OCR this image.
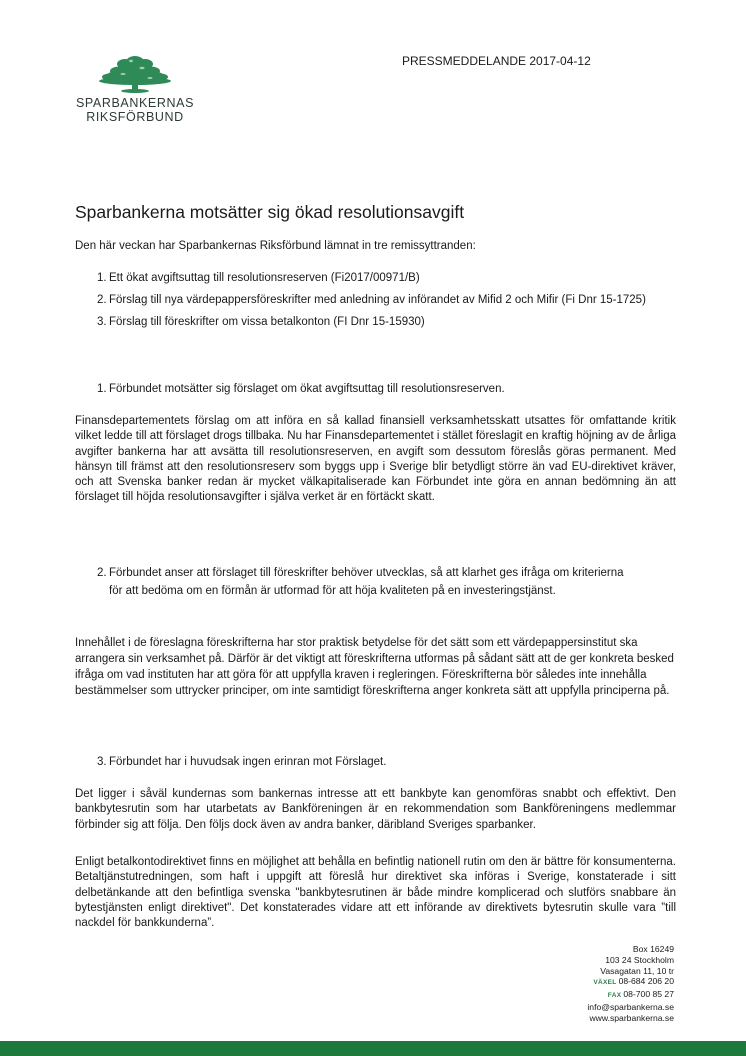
SPARBANKERNAS
RIKSFÖRBUND
PRESSMEDDELANDE 2017-04-12
Sparbankerna motsätter sig ökad resolutionsavgift
Den här veckan har Sparbankernas Riksförbund lämnat in tre remissyttranden:
1. Ett ökat avgiftsuttag till resolutionsreserven (Fi2017/00971/B)
2. Förslag till nya värdepappersföreskrifter med anledning av införandet av Mifid 2 och Mifir (Fi Dnr 15-1725)
3. Förslag till föreskrifter om vissa betalkonton (FI Dnr 15-15930)
1. Förbundet motsätter sig förslaget om ökat avgiftsuttag till resolutionsreserven.
Finansdepartementets förslag om att införa en så kallad finansiell verksamhetsskatt utsattes för omfattande kritik vilket ledde till att förslaget drogs tillbaka. Nu har Finansdepartementet i stället föreslagit en kraftig höjning av de årliga avgifter bankerna har att avsätta till resolutionsreserven, en avgift som dessutom föreslås göras permanent. Med hänsyn till främst att den resolutionsreserv som byggs upp i Sverige blir betydligt större än vad EU-direktivet kräver, och att Svenska banker redan är mycket välkapitaliserade kan Förbundet inte göra en annan bedömning än att förslaget till höjda resolutionsavgifter i själva verket är en förtäckt skatt.
2. Förbundet anser att förslaget till föreskrifter behöver utvecklas, så att klarhet ges ifråga om kriterierna för att bedöma om en förmån är utformad för att höja kvaliteten på en investeringstjänst.
Innehållet i de föreslagna föreskrifterna har stor praktisk betydelse för det sätt som ett värdepappersinstitut ska arrangera sin verksamhet på. Därför är det viktigt att föreskrifterna utformas på sådant sätt att de ger konkreta besked ifråga om vad instituten har att göra för att uppfylla kraven i regleringen. Föreskrifterna bör således inte innehålla bestämmelser som uttrycker principer, om inte samtidigt föreskrifterna anger konkreta sätt att uppfylla principerna på.
3. Förbundet har i huvudsak ingen erinran mot Förslaget.
Det ligger i såväl kundernas som bankernas intresse att ett bankbyte kan genomföras snabbt och effektivt. Den bankbytesrutin som har utarbetats av Bankföreningen är en rekommendation som Bankföreningens medlemmar förbinder sig att följa. Den följs dock även av andra banker, däribland Sveriges sparbanker.
Enligt betalkontodirektivet finns en möjlighet att behålla en befintlig nationell rutin om den är bättre för konsumenterna. Betaltjänstutredningen, som haft i uppgift att föreslå hur direktivet ska införas i Sverige, konstaterade i sitt delbetänkande att den befintliga svenska "bankbytesrutinen är både mindre komplicerad och slutförs snabbare än bytestjänsten enligt direktivet". Det konstaterades vidare att ett införande av direktivets bytesrutin skulle vara ”till nackdel för bankkunderna”.
Box 16249
103 24 Stockholm
Vasagatan 11, 10 tr
VÄXEL 08-684 206 20
FAX 08-700 85 27
info@sparbankerna.se
www.sparbankerna.se
